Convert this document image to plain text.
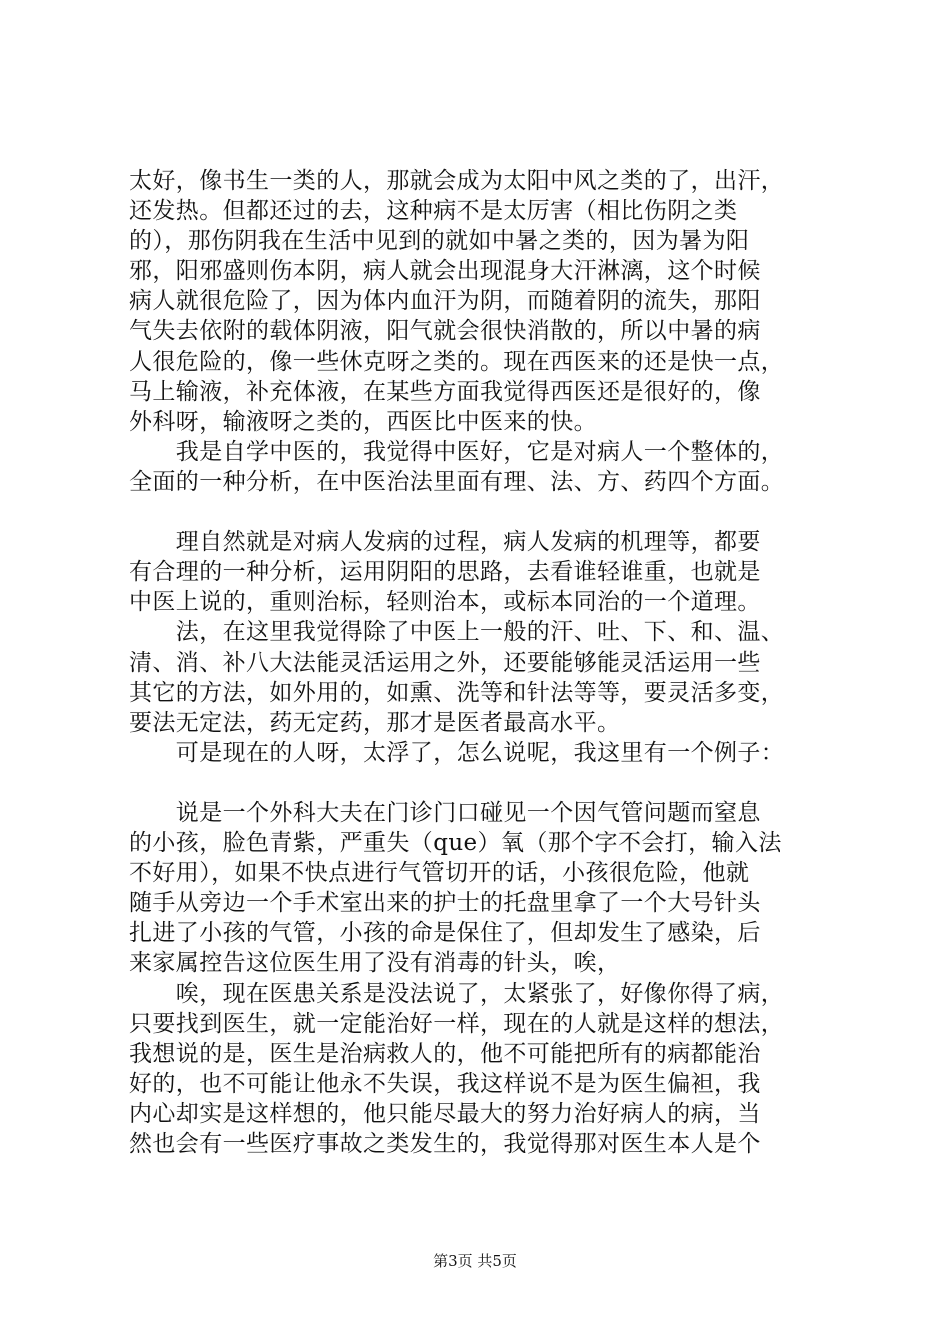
太好，像书生一类的人，那就会成为太阳中风之类的了，出汗，
还发热。但都还过的去，这种病不是太厉害（相比伤阴之类
的），那伤阴我在生活中见到的就如中暑之类的，因为暑为阳
邪，阳邪盛则伤本阴，病人就会出现混身大汗淋漓，这个时候
病人就很危险了，因为体内血汗为阴，而随着阴的流失，那阳
气失去依附的载体阴液，阳气就会很快消散的，所以中暑的病
人很危险的，像一些休克呀之类的。现在西医来的还是快一点，
马上输液，补充体液，在某些方面我觉得西医还是很好的，像
外科呀，输液呀之类的，西医比中医来的快。
　　我是自学中医的，我觉得中医好，它是对病人一个整体的，
全面的一种分析，在中医治法里面有理、法、方、药四个方面。
　　理自然就是对病人发病的过程，病人发病的机理等，都要
有合理的一种分析，运用阴阳的思路，去看谁轻谁重，也就是
中医上说的，重则治标，轻则治本，或标本同治的一个道理。
　　法，在这里我觉得除了中医上一般的汗、吐、下、和、温、
清、消、补八大法能灵活运用之外，还要能够能灵活运用一些
其它的方法，如外用的，如熏、洗等和针法等等，要灵活多变，
要法无定法，药无定药，那才是医者最高水平。
　　可是现在的人呀，太浮了，怎么说呢，我这里有一个例子：
　　说是一个外科大夫在门诊门口碰见一个因气管问题而窒息
的小孩，脸色青紫，严重失（que）氧（那个字不会打，输入法
不好用），如果不快点进行气管切开的话，小孩很危险，他就
随手从旁边一个手术室出来的护士的托盘里拿了一个大号针头
扎进了小孩的气管，小孩的命是保住了，但却发生了感染，后
来家属控告这位医生用了没有消毒的针头，唉，
　　唉，现在医患关系是没法说了，太紧张了，好像你得了病，
只要找到医生，就一定能治好一样，现在的人就是这样的想法，
我想说的是，医生是治病救人的，他不可能把所有的病都能治
好的，也不可能让他永不失误，我这样说不是为医生偏袒，我
内心却实是这样想的，他只能尽最大的努力治好病人的病，当
然也会有一些医疗事故之类发生的，我觉得那对医生本人是个
第3页 共5页
